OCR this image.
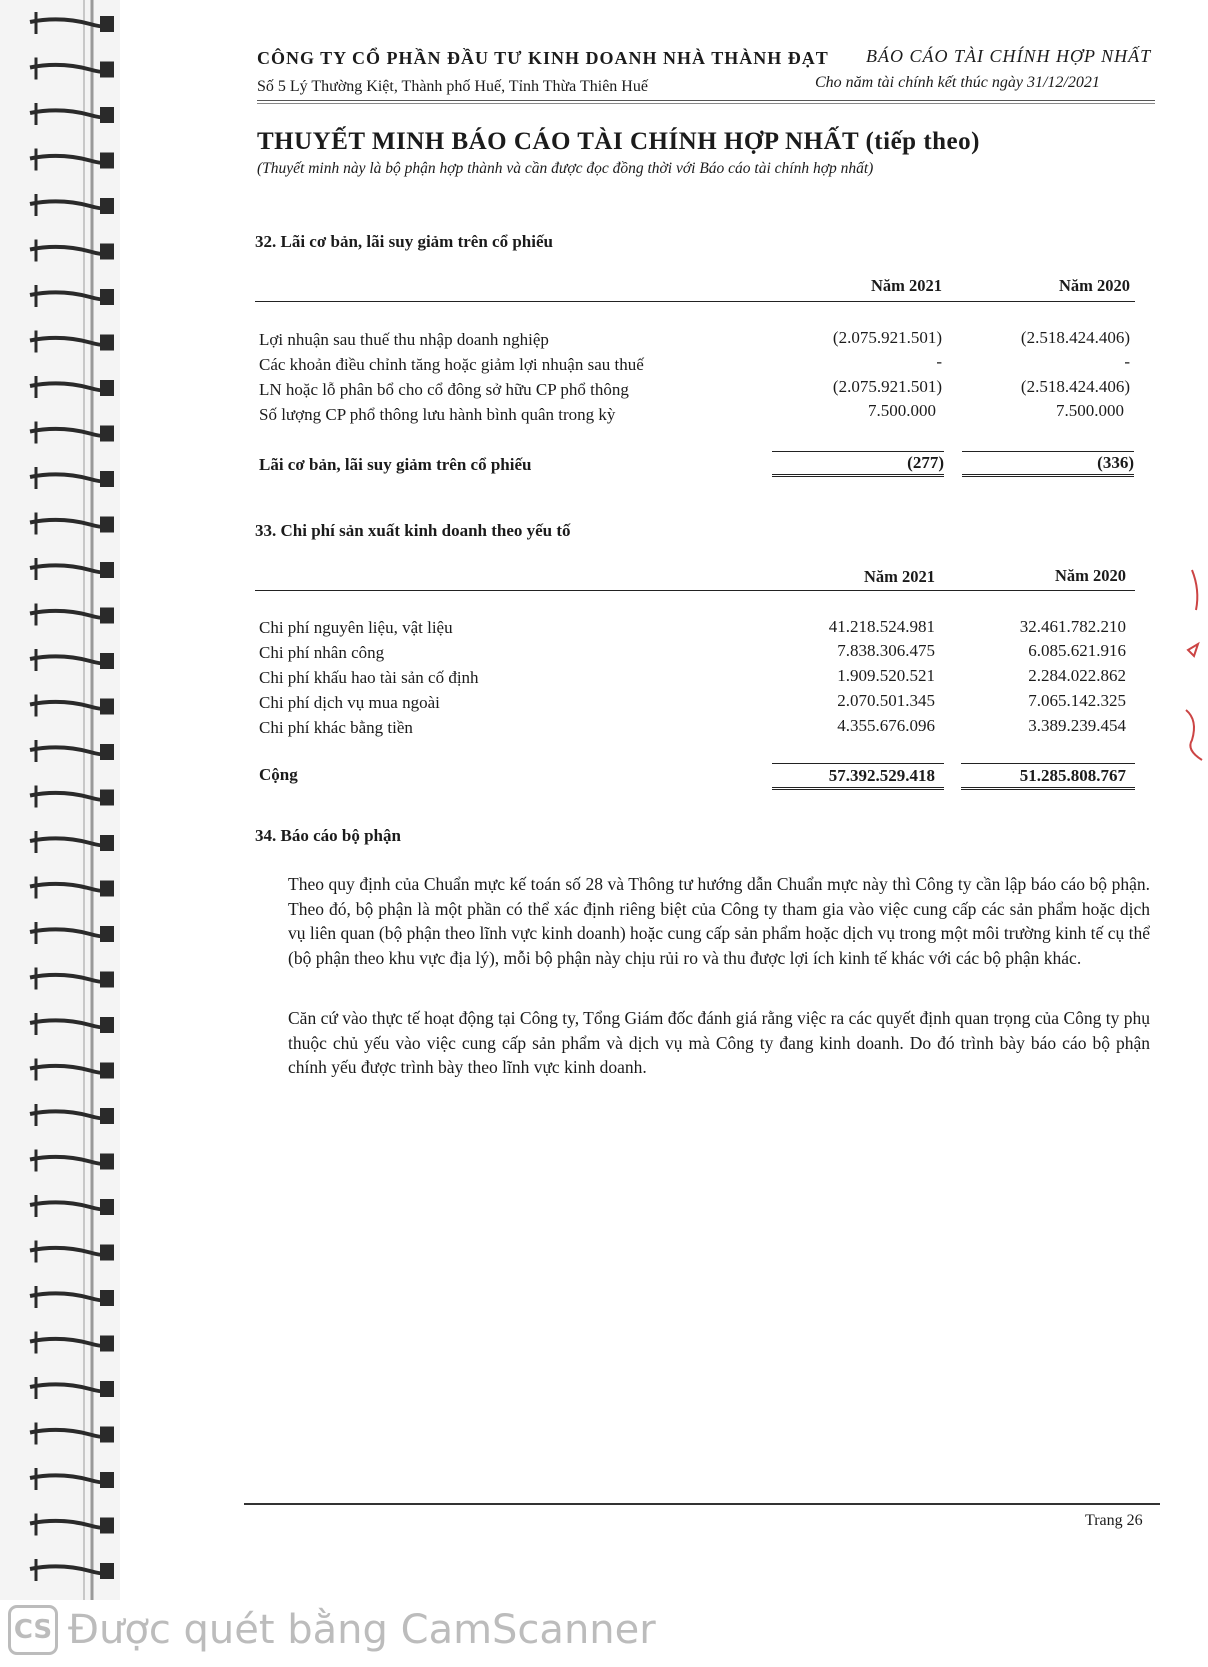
CÔNG TY CỔ PHẦN ĐẦU TƯ KINH DOANH NHÀ THÀNH ĐẠT
Số 5 Lý Thường Kiệt, Thành phố Huế, Tỉnh Thừa Thiên Huế
BÁO CÁO TÀI CHÍNH HỢP NHẤT
Cho năm tài chính kết thúc ngày 31/12/2021
THUYẾT MINH BÁO CÁO TÀI CHÍNH HỢP NHẤT (tiếp theo)
(Thuyết minh này là bộ phận hợp thành và cần được đọc đồng thời với Báo cáo tài chính hợp nhất)
32. Lãi cơ bản, lãi suy giảm trên cổ phiếu
Năm 2021	Năm 2020
Lợi nhuận sau thuế thu nhập doanh nghiệp	(2.075.921.501)	(2.518.424.406)
Các khoản điều chỉnh tăng hoặc giảm lợi nhuận sau thuế	-	-
LN hoặc lỗ phân bổ cho cổ đông sở hữu CP phổ thông	(2.075.921.501)	(2.518.424.406)
Số lượng CP phổ thông lưu hành bình quân trong kỳ	7.500.000	7.500.000
Lãi cơ bản, lãi suy giảm trên cổ phiếu	(277)	(336)
33. Chi phí sản xuất kinh doanh theo yếu tố
Năm 2021	Năm 2020
Chi phí nguyên liệu, vật liệu	41.218.524.981	32.461.782.210
Chi phí nhân công	7.838.306.475	6.085.621.916
Chi phí khấu hao tài sản cố định	1.909.520.521	2.284.022.862
Chi phí dịch vụ mua ngoài	2.070.501.345	7.065.142.325
Chi phí khác bằng tiền	4.355.676.096	3.389.239.454
Cộng	57.392.529.418	51.285.808.767
34. Báo cáo bộ phận

Theo quy định của Chuẩn mực kế toán số 28 và Thông tư hướng dẫn Chuẩn mực này thì Công ty cần lập báo cáo bộ phận. Theo đó, bộ phận là một phần có thể xác định riêng biệt của Công ty tham gia vào việc cung cấp các sản phẩm hoặc dịch vụ liên quan (bộ phận theo lĩnh vực kinh doanh) hoặc cung cấp sản phẩm hoặc dịch vụ trong một môi trường kinh tế cụ thể (bộ phận theo khu vực địa lý), mỗi bộ phận này chịu rủi ro và thu được lợi ích kinh tế khác với các bộ phận khác.

Căn cứ vào thực tế hoạt động tại Công ty, Tổng Giám đốc đánh giá rằng việc ra các quyết định quan trọng của Công ty phụ thuộc chủ yếu vào việc cung cấp sản phẩm và dịch vụ mà Công ty đang kinh doanh. Do đó trình bày báo cáo bộ phận chính yếu được trình bày theo lĩnh vực kinh doanh.

Trang 26
CS Được quét bằng CamScanner
